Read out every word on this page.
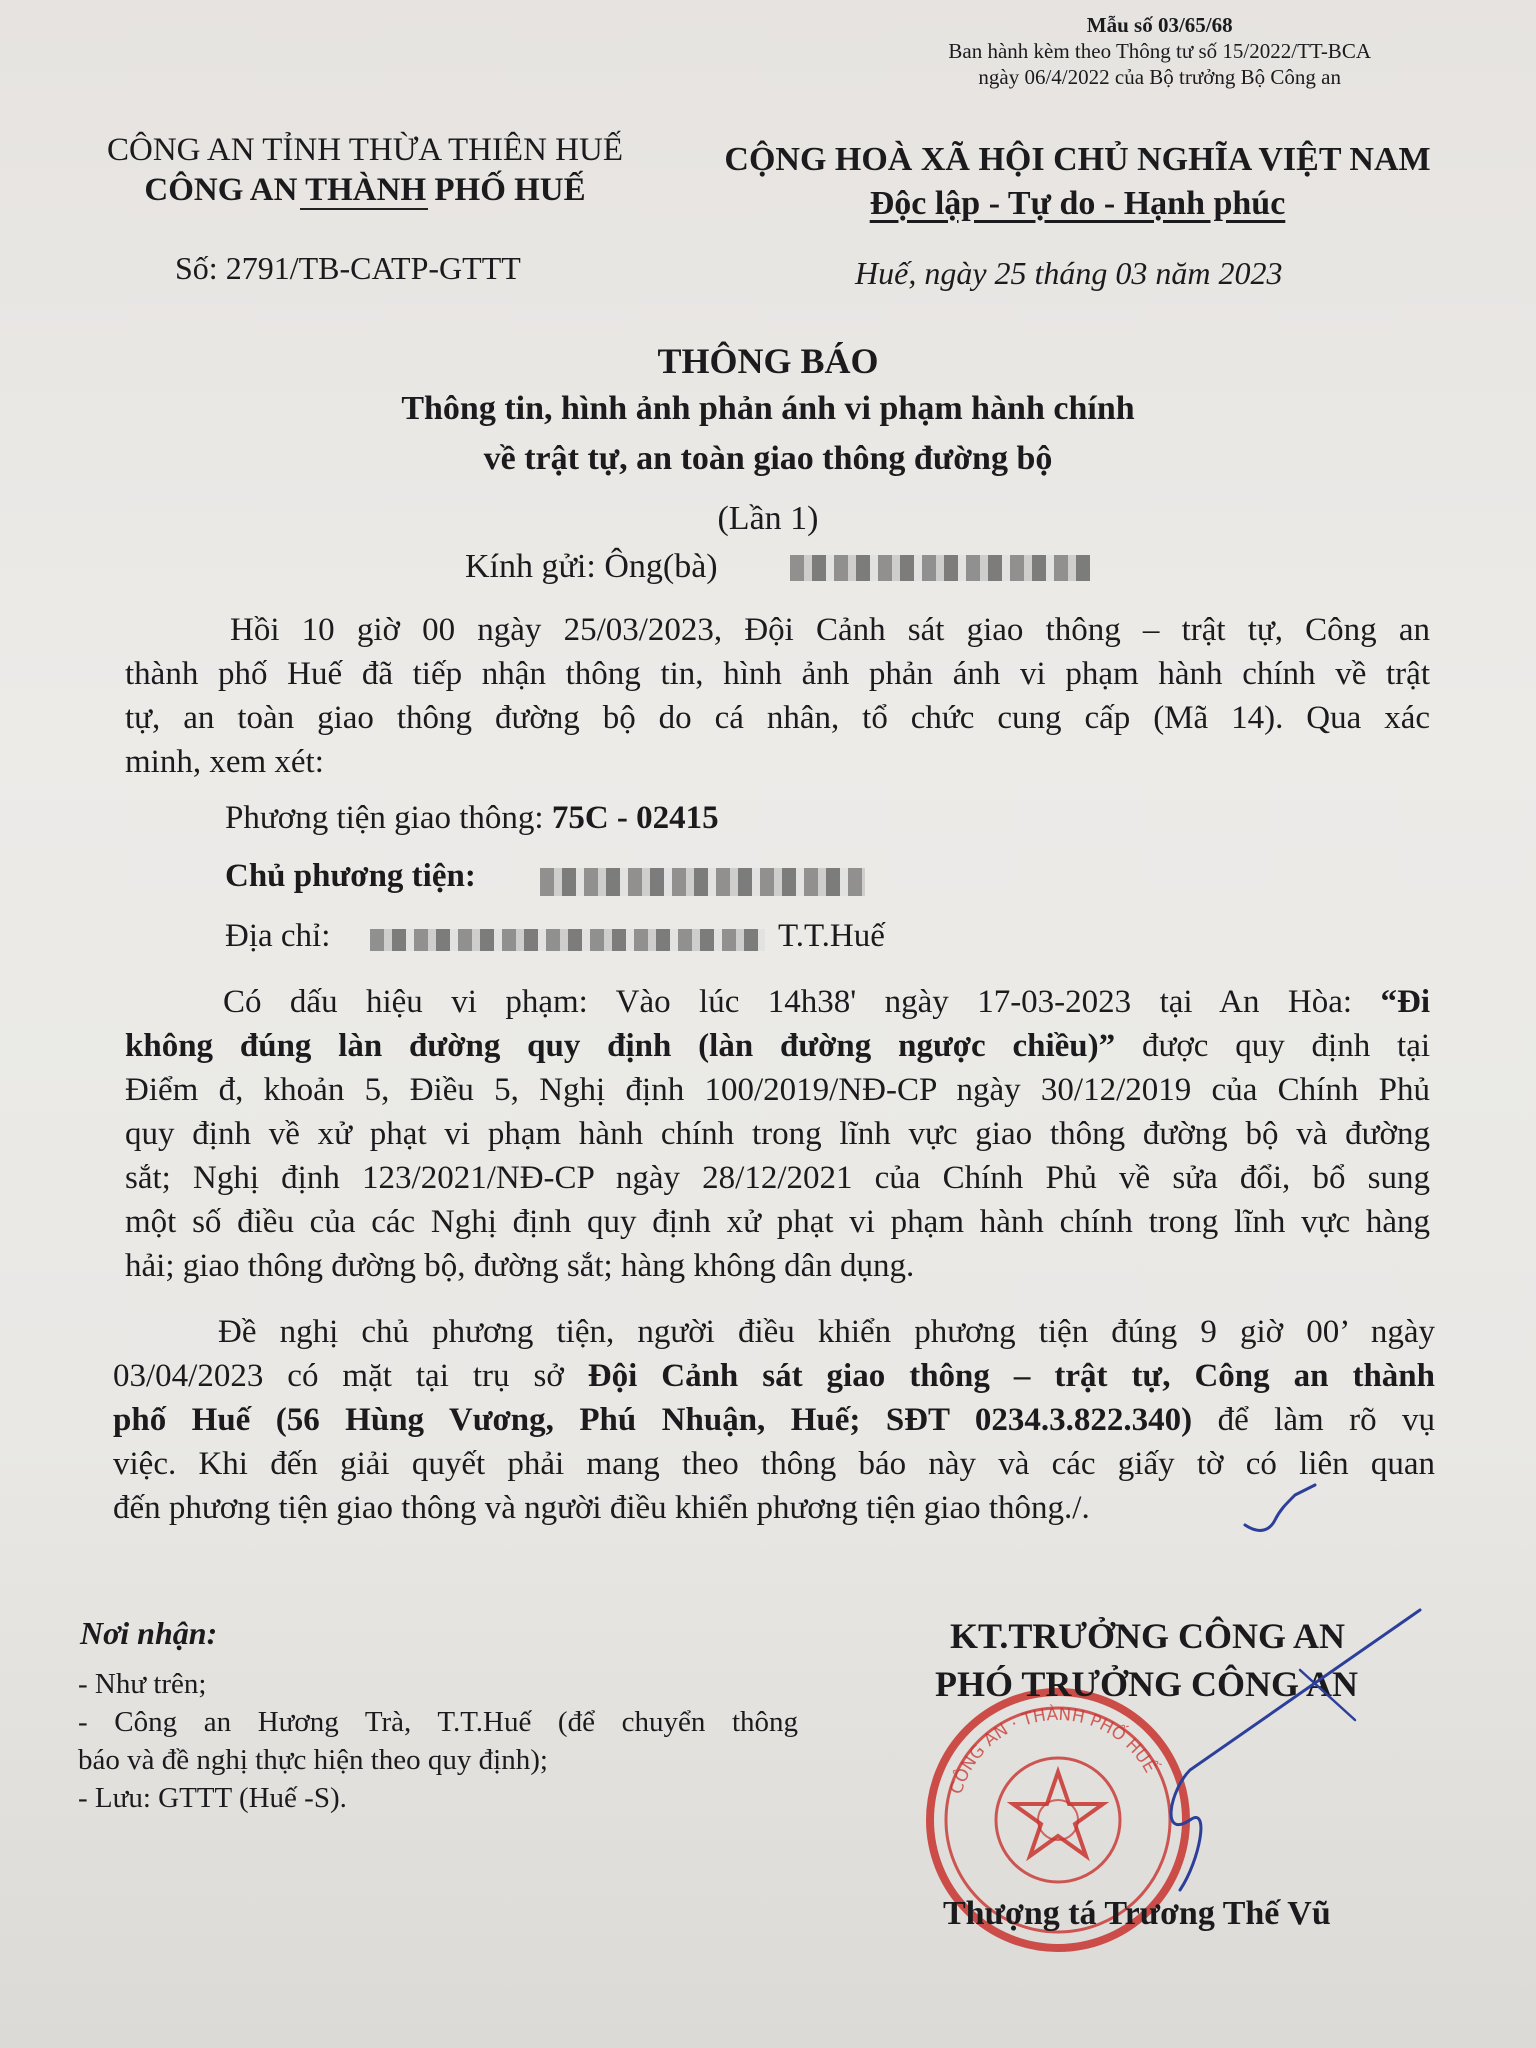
Mẫu số 03/65/68
Ban hành kèm theo Thông tư số 15/2022/TT-BCA
ngày 06/4/2022 của Bộ trưởng Bộ Công an
CÔNG AN TỈNH THỪA THIÊN HUẾ
CÔNG AN THÀNH PHỐ HUẾ
CỘNG HOÀ XÃ HỘI CHỦ NGHĨA VIỆT NAM
Độc lập - Tự do - Hạnh phúc
Số: 2791/TB-CATP-GTTT	Huế, ngày 25 tháng 03 năm 2023
THÔNG BÁO
Thông tin, hình ảnh phản ánh vi phạm hành chính
về trật tự, an toàn giao thông đường bộ
(Lần 1)
Kính gửi: Ông(bà)
Hồi 10 giờ 00 ngày 25/03/2023, Đội Cảnh sát giao thông – trật tự, Công an
thành phố Huế đã tiếp nhận thông tin, hình ảnh phản ánh vi phạm hành chính về trật
tự, an toàn giao thông đường bộ do cá nhân, tổ chức cung cấp (Mã 14). Qua xác
minh, xem xét:
Phương tiện giao thông: 75C - 02415
Chủ phương tiện:
Địa chỉ:	T.T.Huế
Có dấu hiệu vi phạm: Vào lúc 14h38' ngày 17-03-2023 tại An Hòa: “Đi
không đúng làn đường quy định (làn đường ngược chiều)” được quy định tại
Điểm đ, khoản 5, Điều 5, Nghị định 100/2019/NĐ-CP ngày 30/12/2019 của Chính Phủ
quy định về xử phạt vi phạm hành chính trong lĩnh vực giao thông đường bộ và đường
sắt; Nghị định 123/2021/NĐ-CP ngày 28/12/2021 của Chính Phủ về sửa đổi, bổ sung
một số điều của các Nghị định quy định xử phạt vi phạm hành chính trong lĩnh vực hàng
hải; giao thông đường bộ, đường sắt; hàng không dân dụng.
Đề nghị chủ phương tiện, người điều khiển phương tiện đúng 9 giờ 00’ ngày
03/04/2023 có mặt tại trụ sở Đội Cảnh sát giao thông – trật tự, Công an thành
phố Huế (56 Hùng Vương, Phú Nhuận, Huế; SĐT 0234.3.822.340) để làm rõ vụ
việc. Khi đến giải quyết phải mang theo thông báo này và các giấy tờ có liên quan
đến phương tiện giao thông và người điều khiển phương tiện giao thông./.
Nơi nhận:
- Như trên;
- Công an Hương Trà, T.T.Huế (để chuyển thông
báo và đề nghị thực hiện theo quy định);
- Lưu: GTTT (Huế -S).	CÔNG AN · THÀNH PHỐ HUẾ
KT.TRƯỞNG CÔNG AN
PHÓ TRƯỞNG CÔNG AN
Thượng tá Trương Thế Vũ
